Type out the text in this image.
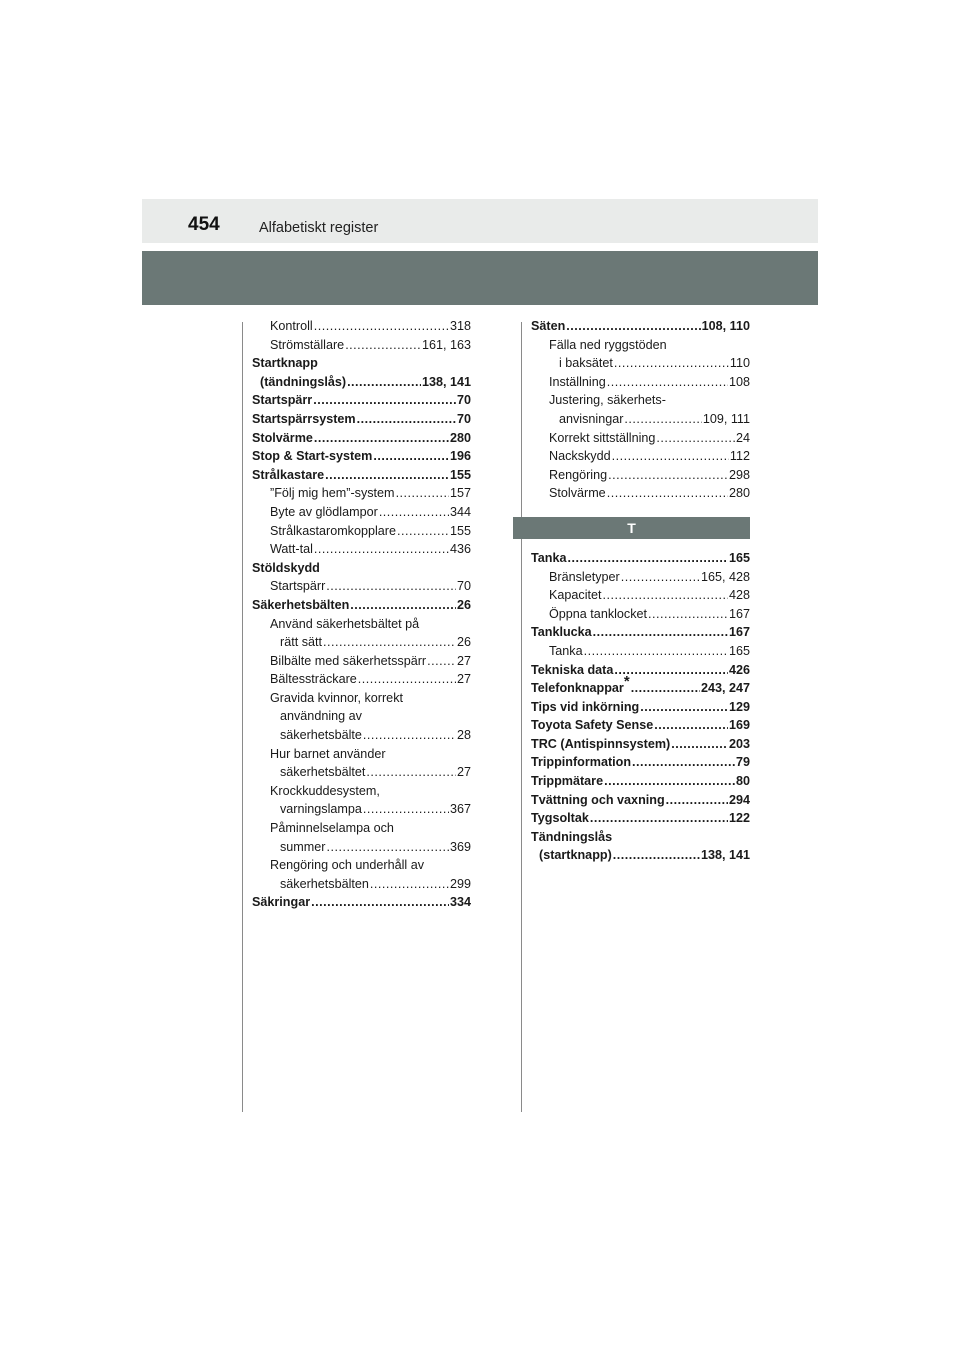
454	Alfabetiskt register
Kontroll .....	318
Strömställare .....	161, 163
Startknapp
(tändningslås) .....	138, 141
Startspärr .....	70
Startspärrsystem .....	70
Stolvärme .....	280
Stop & Start-system .....	196
Strålkastare .....	155
”Följ mig hem”-system .....	157
Byte av glödlampor .....	344
Strålkastaromkopplare .....	155
Watt-tal .....	436
Stöldskydd
Startspärr .....	70
Säkerhetsbälten .....	26
Använd säkerhetsbältet på
rätt sätt .....	26
Bilbälte med säkerhetsspärr ..... 27
Bältessträckare .....	27
Gravida kvinnor, korrekt
användning av
säkerhetsbälte .....	28
Hur barnet använder
säkerhetsbältet .....	27
Krockkuddesystem,
varningslampa .....	367
Påminnelselampa och
summer .....	369
Rengöring och underhåll av
säkerhetsbälten .....	299
Säkringar .....	334
Säten .....	108, 110
Fälla ned ryggstöden
i baksätet .....	110
Inställning .....	108
Justering, säkerhets-
anvisningar .....	109, 111
Korrekt sittställning .....	24
Nackskydd .....	112
Rengöring .....	298
Stolvärme .....	280
T
Tanka .....	165
Bränsletyper .....	165, 428
Kapacitet .....	428
Öppna tanklocket .....	167
Tanklucka .....	167
Tanka .....	165
Tekniska data .....	426
Telefonknappar* .....	243, 247
Tips vid inkörning .....	129
Toyota Safety Sense .....	169
TRC (Antispinnsystem) .....	203
Trippinformation .....	79
Trippmätare .....	80
Tvättning och vaxning .....	294
Tygsoltak .....	122
Tändningslås
(startknapp) .....	138, 141
